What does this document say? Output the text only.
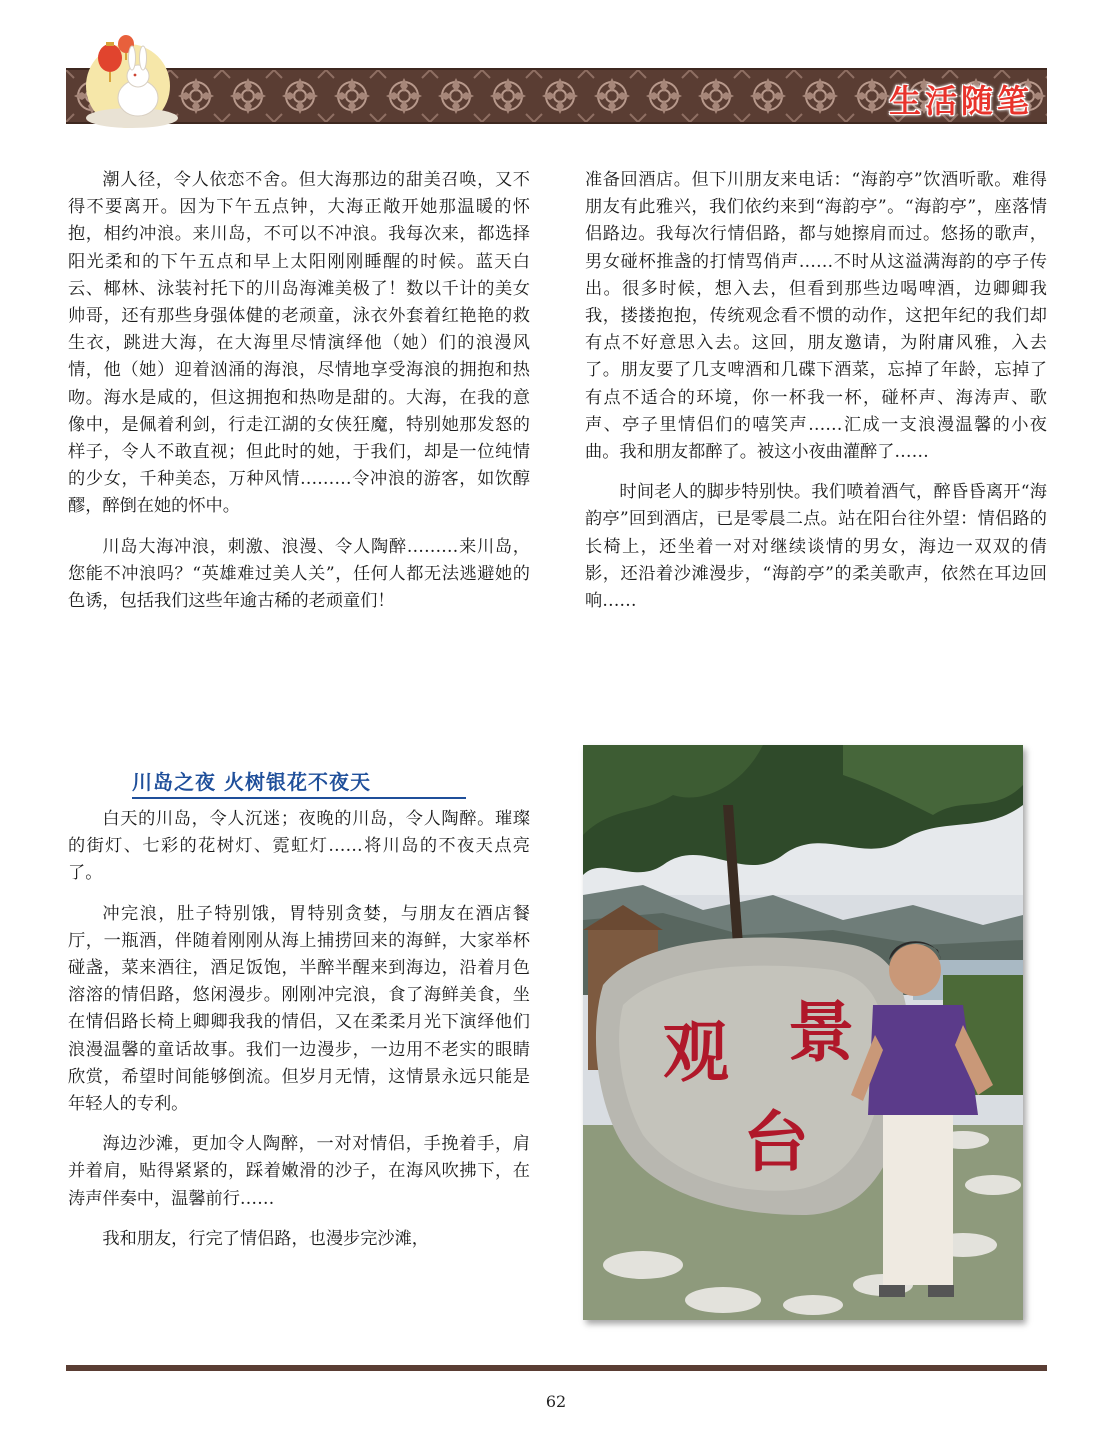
生活随笔

潮人径，令人依恋不舍。但大海那边的甜美召唤，又不得不要离开。因为下午五点钟，大海正敞开她那温暖的怀抱，相约冲浪。来川岛，不可以不冲浪。我每次来，都选择阳光柔和的下午五点和早上太阳刚刚睡醒的时候。蓝天白云、椰林、泳装衬托下的川岛海滩美极了！数以千计的美女帅哥，还有那些身强体健的老顽童，泳衣外套着红艳艳的救生衣，跳进大海，在大海里尽情演绎他（她）们的浪漫风情，他（她）迎着汹涌的海浪，尽情地享受海浪的拥抱和热吻。海水是咸的，但这拥抱和热吻是甜的。大海，在我的意像中，是佩着利剑，行走江湖的女侠狂魔，特别她那发怒的样子，令人不敢直视；但此时的她，于我们，却是一位纯情的少女，千种美态，万种风情………令冲浪的游客，如饮醇醪，醉倒在她的怀中。

川岛大海冲浪，刺激、浪漫、令人陶醉………来川岛，您能不冲浪吗？“英雄难过美人关”，任何人都无法逃避她的色诱，包括我们这些年逾古稀的老顽童们！

川岛之夜 火树银花不夜天

白天的川岛，令人沉迷；夜晚的川岛，令人陶醉。璀璨的街灯、七彩的花树灯、霓虹灯……将川岛的不夜天点亮了。

冲完浪，肚子特别饿，胃特别贪婪，与朋友在酒店餐厅，一瓶酒，伴随着刚刚从海上捕捞回来的海鲜，大家举杯碰盏，菜来酒往，酒足饭饱，半醉半醒来到海边，沿着月色溶溶的情侣路，悠闲漫步。刚刚冲完浪，食了海鲜美食，坐在情侣路长椅上卿卿我我的情侣，又在柔柔月光下演绎他们浪漫温馨的童话故事。我们一边漫步，一边用不老实的眼睛欣赏，希望时间能够倒流。但岁月无情，这情景永远只能是年轻人的专利。

海边沙滩，更加令人陶醉，一对对情侣，手挽着手，肩并着肩，贴得紧紧的，踩着嫩滑的沙子，在海风吹拂下，在涛声伴奏中，温馨前行……

我和朋友，行完了情侣路，也漫步完沙滩，

准备回酒店。但下川朋友来电话：“海韵亭”饮酒听歌。难得朋友有此雅兴，我们依约来到“海韵亭”。“海韵亭”，座落情侣路边。我每次行情侣路，都与她擦肩而过。悠扬的歌声，男女碰杯推盏的打情骂俏声……不时从这溢满海韵的亭子传出。很多时候，想入去，但看到那些边喝啤酒，边卿卿我我，搂搂抱抱，传统观念看不惯的动作，这把年纪的我们却有点不好意思入去。这回，朋友邀请，为附庸风雅，入去了。朋友要了几支啤酒和几碟下酒菜，忘掉了年龄，忘掉了有点不适合的环境，你一杯我一杯，碰杯声、海涛声、歌声、亭子里情侣们的嘻笑声……汇成一支浪漫温馨的小夜曲。我和朋友都醉了。被这小夜曲灌醉了……

时间老人的脚步特别快。我们喷着酒气，醉昏昏离开“海韵亭”回到酒店，已是零晨二点。站在阳台往外望：情侣路的长椅上，还坐着一对对继续谈情的男女，海边一双双的倩影，还沿着沙滩漫步，“海韵亭”的柔美歌声，依然在耳边回响……

观 景
台
62
